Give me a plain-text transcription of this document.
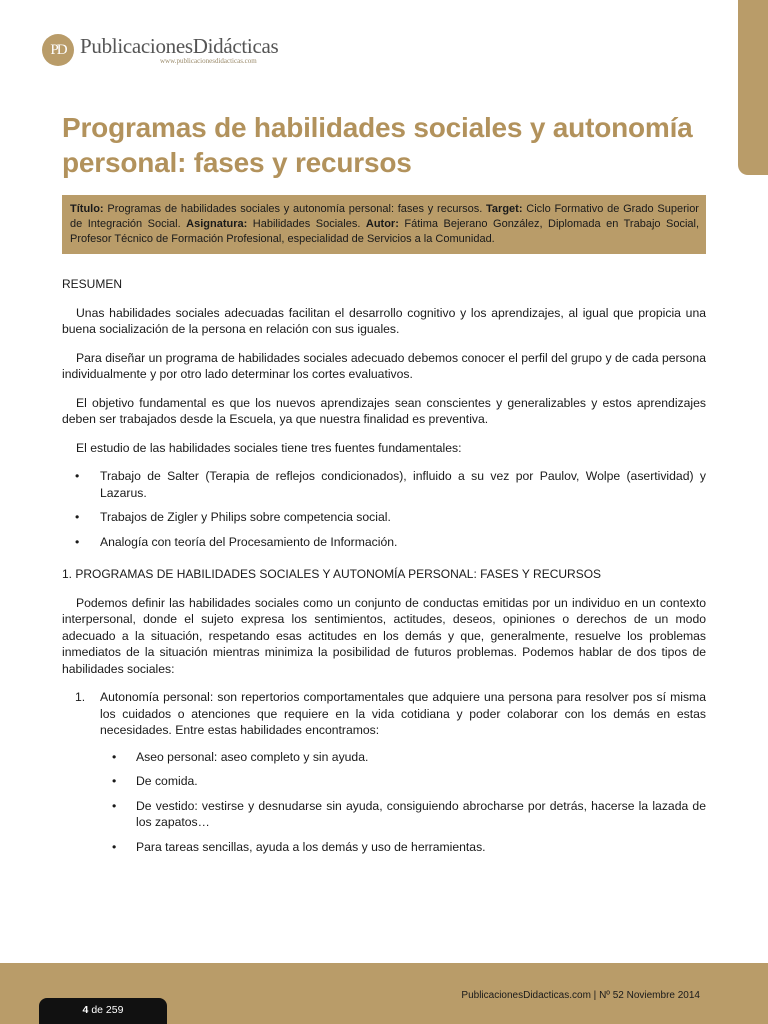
PD PublicacionesDidácticas
www.publicacionesdidacticas.com
Programas de habilidades sociales y autonomía personal: fases y recursos
Título: Programas de habilidades sociales y autonomía personal: fases y recursos. Target: Ciclo Formativo de Grado Superior de Integración Social. Asignatura: Habilidades Sociales. Autor: Fátima Bejerano González, Diplomada en Trabajo Social, Profesor Técnico de Formación Profesional, especialidad de Servicios a la Comunidad.
RESUMEN

Unas habilidades sociales adecuadas facilitan el desarrollo cognitivo y los aprendizajes, al igual que propicia una buena socialización de la persona en relación con sus iguales.

Para diseñar un programa de habilidades sociales adecuado debemos conocer el perfil del grupo y de cada persona individualmente y por otro lado determinar los cortes evaluativos.

El objetivo fundamental es que los nuevos aprendizajes sean conscientes y generalizables y estos aprendizajes deben ser trabajados desde la Escuela, ya que nuestra finalidad es preventiva.

El estudio de las habilidades sociales tiene tres fuentes fundamentales:

• Trabajo de Salter (Terapia de reflejos condicionados), influido a su vez por Paulov, Wolpe (asertividad) y Lazarus.
• Trabajos de Zigler y Philips sobre competencia social.
• Analogía con teoría del Procesamiento de Información.
1. PROGRAMAS DE HABILIDADES SOCIALES Y AUTONOMÍA PERSONAL: FASES Y RECURSOS

Podemos definir las habilidades sociales como un conjunto de conductas emitidas por un individuo en un contexto interpersonal, donde el sujeto expresa los sentimientos, actitudes, deseos, opiniones o derechos de un modo adecuado a la situación, respetando esas actitudes en los demás y que, generalmente, resuelve los problemas inmediatos de la situación mientras minimiza la posibilidad de futuros problemas. Podemos hablar de dos tipos de habilidades sociales:

1. Autonomía personal: son repertorios comportamentales que adquiere una persona para resolver pos sí misma los cuidados o atenciones que requiere en la vida cotidiana y poder colaborar con los demás en estas necesidades. Entre estas habilidades encontramos:
• Aseo personal: aseo completo y sin ayuda.
• De comida.
• De vestido: vestirse y desnudarse sin ayuda, consiguiendo abrocharse por detrás, hacerse la lazada de los zapatos…
• Para tareas sencillas, ayuda a los demás y uso de herramientas.
PublicacionesDidacticas.com | Nº 52 Noviembre 2014
4 de 259
